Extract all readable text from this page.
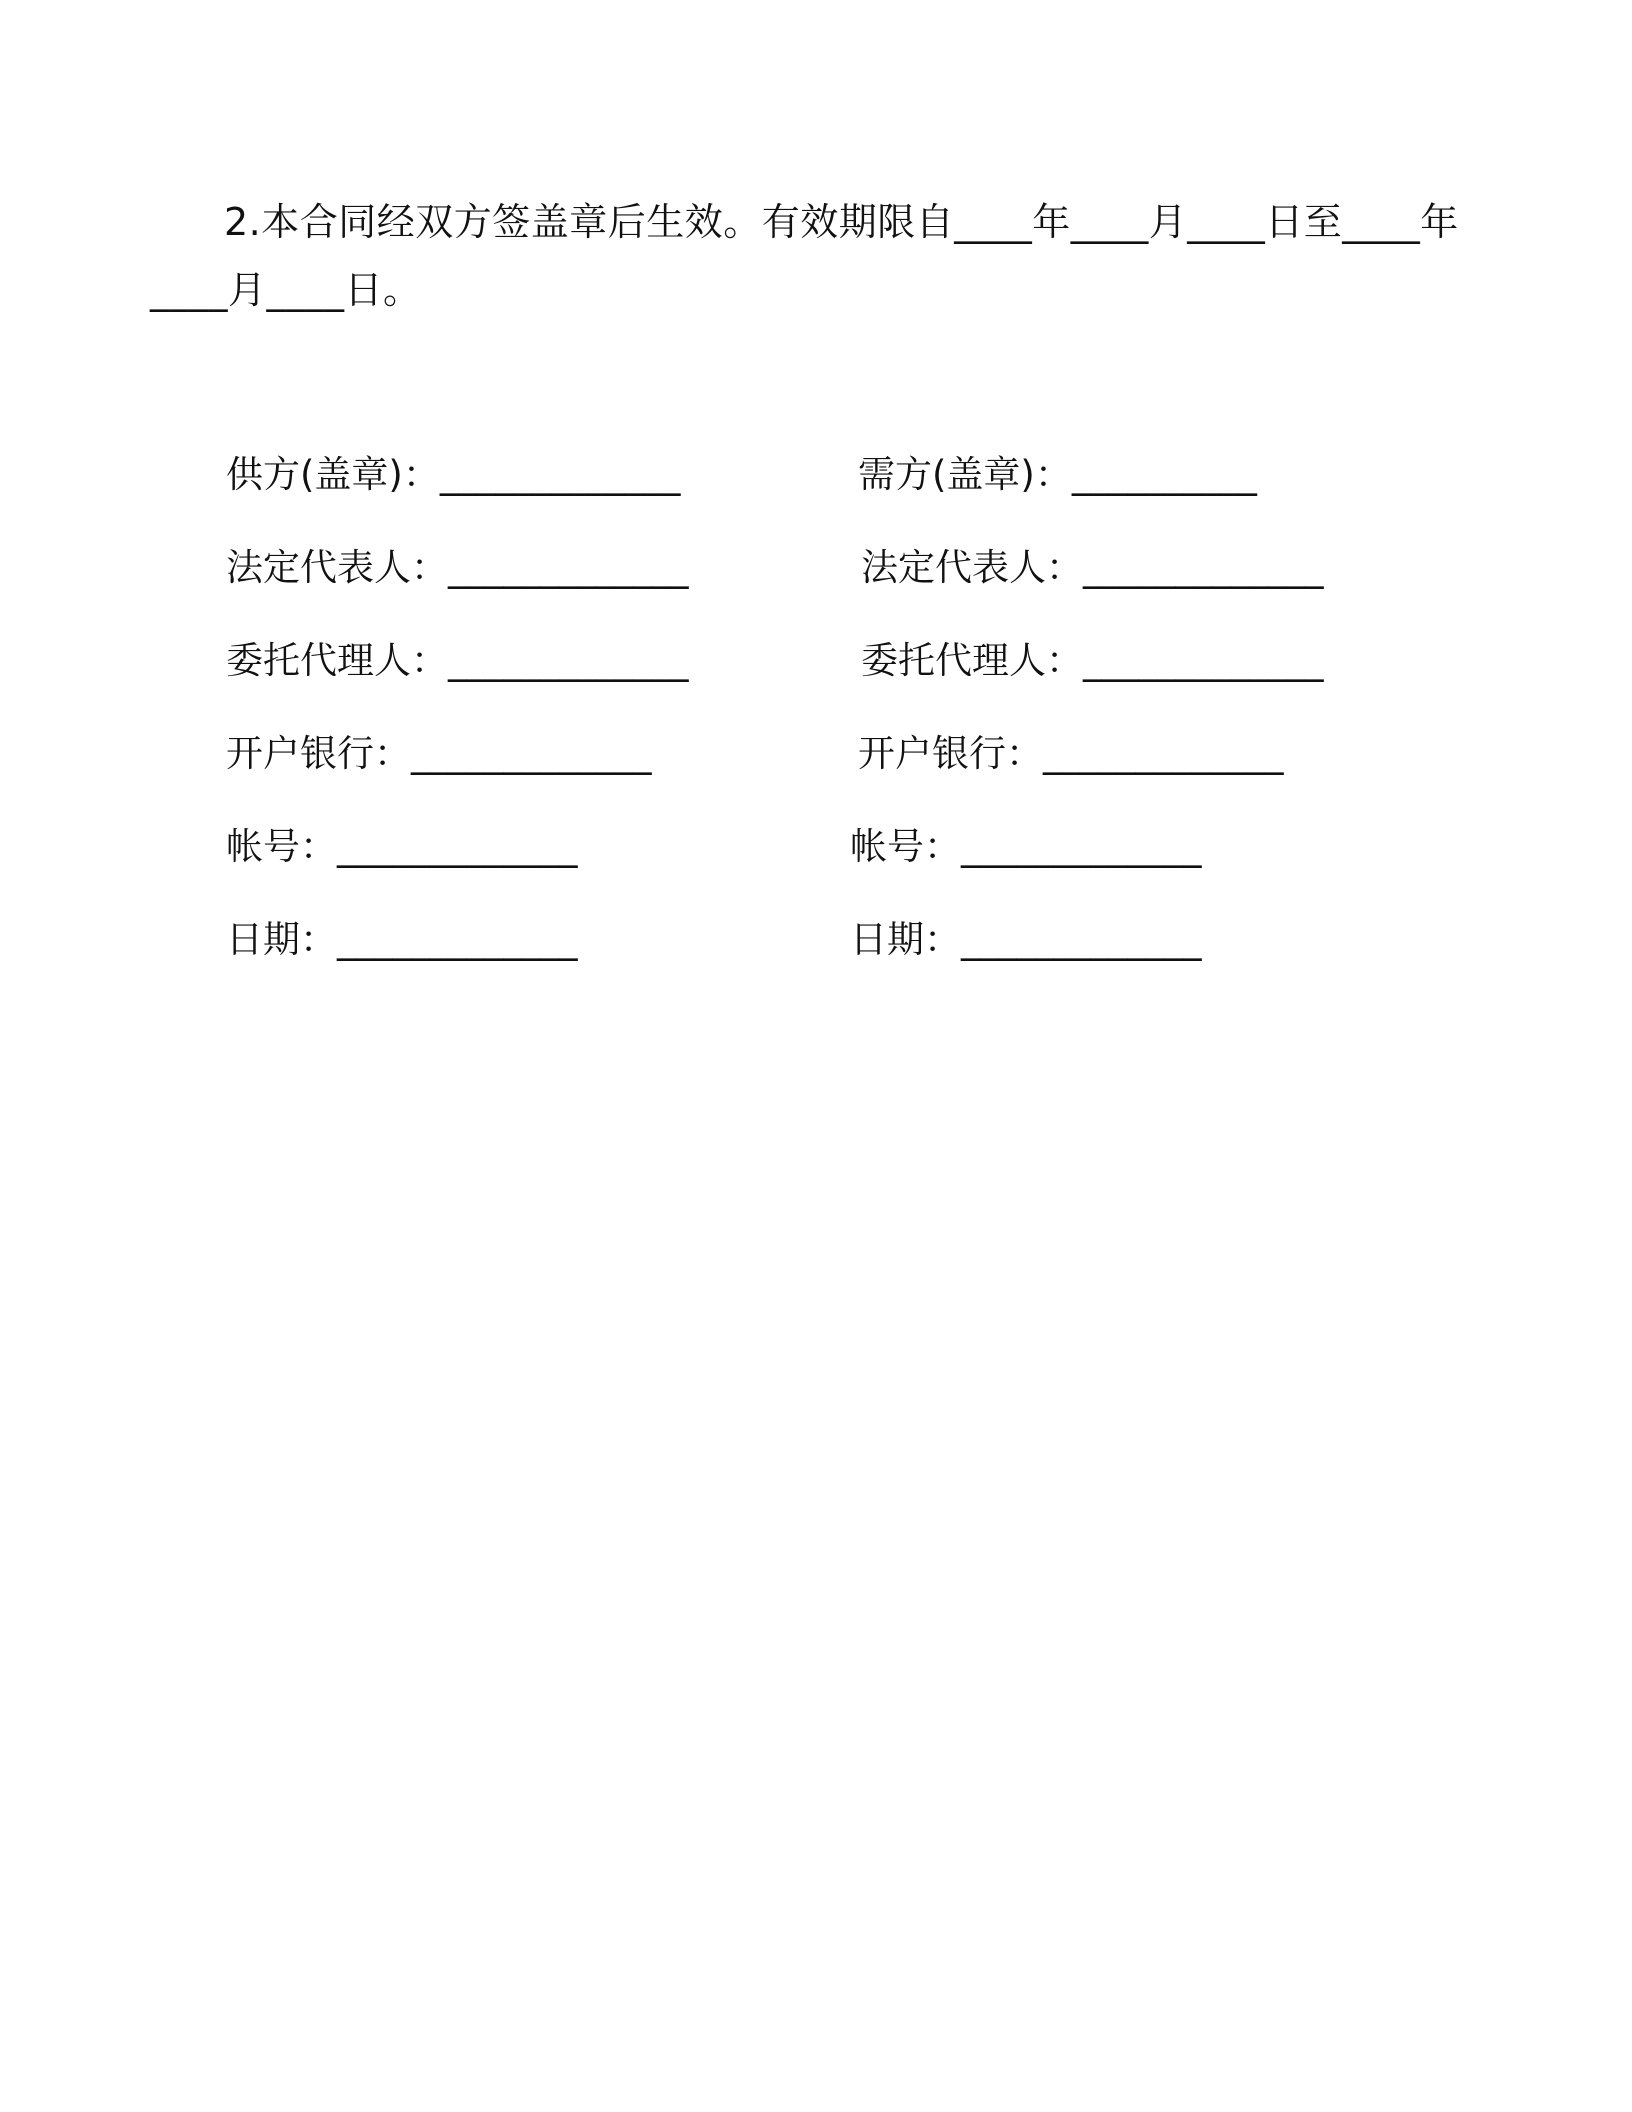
2.本合同经双方签盖章后生效。有效期限自____年____月____日至____年____月____日。

供方(盖章)：_____________
法定代表人：_____________
委托代理人：_____________
开户银行：_____________
帐号：_____________
日期：_____________
需方(盖章)：__________
法定代表人：_____________
委托代理人：_____________
开户银行：_____________
帐号：_____________
日期：_____________
